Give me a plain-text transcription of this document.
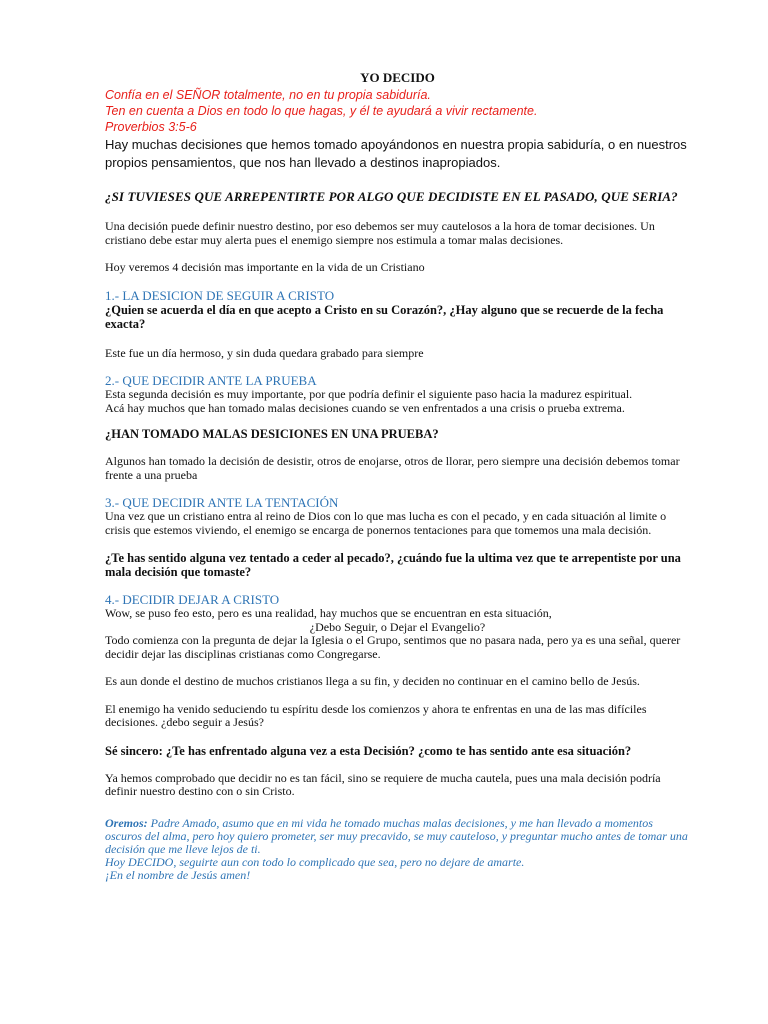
YO DECIDO

Confía en el SEÑOR totalmente, no en tu propia sabiduría.

Ten en cuenta a Dios en todo lo que hagas, y él te ayudará a vivir rectamente.

Proverbios 3:5-6

Hay muchas decisiones que hemos tomado apoyándonos en nuestra propia sabiduría, o en nuestros propios pensamientos, que nos han llevado a destinos inapropiados.

¿SI TUVIESES QUE ARREPENTIRTE POR ALGO QUE DECIDISTE EN EL PASADO, QUE SERIA?

Una decisión puede definir nuestro destino, por eso debemos ser muy cautelosos a la hora de tomar decisiones. Un cristiano debe estar muy alerta pues el enemigo siempre nos estimula a tomar malas decisiones.

Hoy veremos 4 decisión mas importante en la vida de un Cristiano

1.- LA DESICION DE SEGUIR A CRISTO

¿Quien se acuerda el día en que acepto a Cristo en su Corazón?, ¿Hay alguno que se recuerde de la fecha exacta?

Este fue un día hermoso, y sin duda quedara grabado para siempre

2.- QUE DECIDIR ANTE LA PRUEBA

Esta segunda decisión es muy importante, por que podría definir el siguiente paso hacia la madurez espiritual.

Acá hay muchos que han tomado malas decisiones cuando se ven enfrentados a una crisis o prueba extrema.

¿HAN TOMADO MALAS DESICIONES EN UNA PRUEBA?

Algunos han tomado la decisión de desistir, otros de enojarse, otros de llorar, pero siempre una decisión debemos tomar frente a una prueba

3.- QUE DECIDIR ANTE LA TENTACIÓN

Una vez que un cristiano entra al reino de Dios con lo que mas lucha es con el pecado, y en cada situación al limite o crisis que estemos viviendo, el enemigo se encarga de ponernos tentaciones para que tomemos una mala decisión.

¿Te has sentido alguna vez tentado a ceder al pecado?, ¿cuándo fue la ultima vez que te arrepentiste por una mala decisión que tomaste?

4.- DECIDIR DEJAR A CRISTO

Wow, se puso feo esto, pero es una realidad, hay muchos que se encuentran en esta situación,

¿Debo Seguir, o Dejar el Evangelio?

Todo comienza con la pregunta de dejar la Iglesia o el Grupo, sentimos que no pasara nada, pero ya es una señal, querer decidir dejar las disciplinas cristianas como Congregarse.

Es aun donde el destino de muchos cristianos llega a su fin, y deciden no continuar en el camino bello de Jesús.

El enemigo ha venido seduciendo tu espíritu desde los comienzos y ahora te enfrentas en una de las mas difíciles decisiones. ¿debo seguir a Jesús?

Sé sincero: ¿Te has enfrentado alguna vez a esta Decisión? ¿como te has sentido ante esa situación?

Ya hemos comprobado que decidir no es tan fácil, sino se requiere de mucha cautela, pues una mala decisión podría definir nuestro destino con o sin Cristo.

Oremos: Padre Amado, asumo que en mi vida he tomado muchas malas decisiones, y me han llevado a momentos oscuros del alma, pero hoy quiero prometer, ser muy precavido, se muy cauteloso, y preguntar mucho antes de tomar una decisión que me lleve lejos de ti.

Hoy DECIDO, seguirte aun con todo lo complicado que sea, pero no dejare de amarte.

¡En el nombre de Jesús amen!
